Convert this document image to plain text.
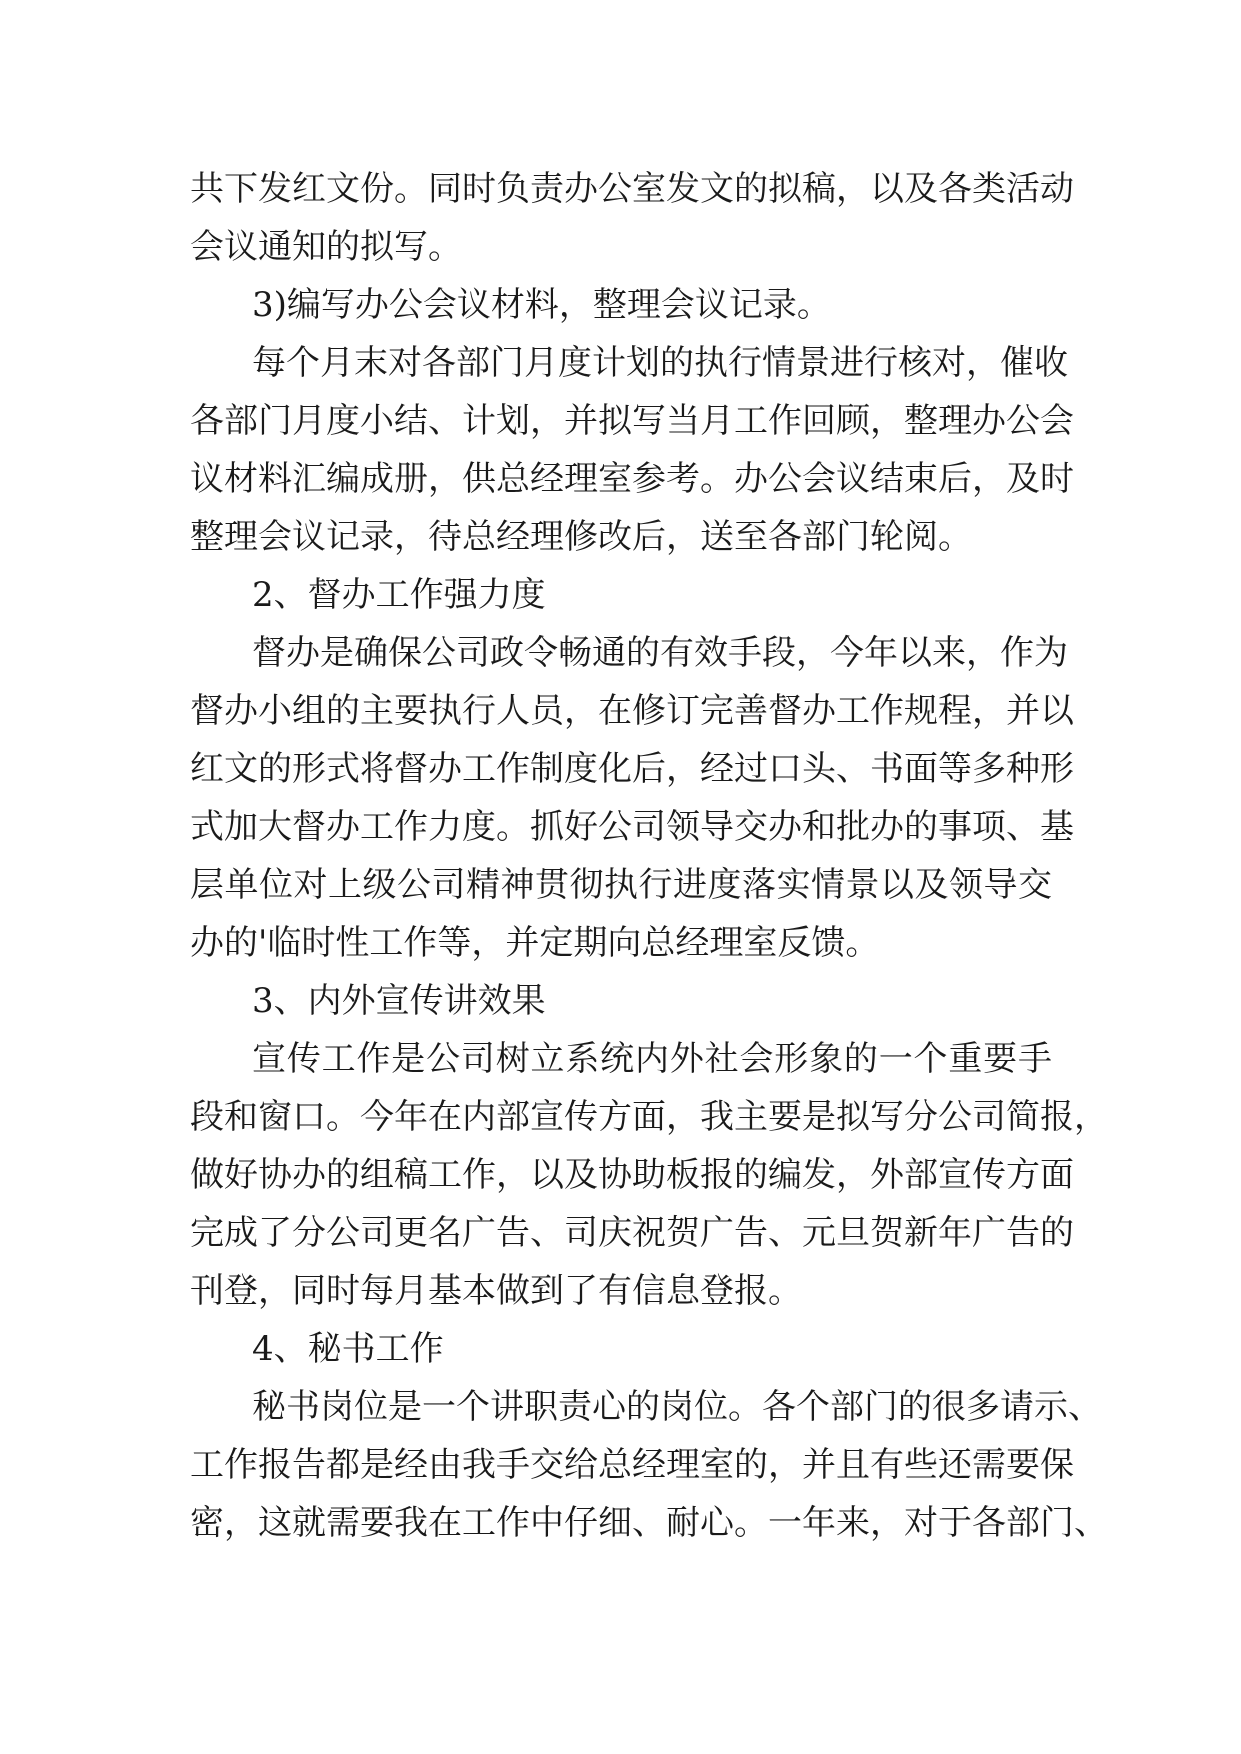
共下发红文份。同时负责办公室发文的拟稿，以及各类活动
会议通知的拟写。
3)编写办公会议材料，整理会议记录。
每个月末对各部门月度计划的执行情景进行核对，催收
各部门月度小结、计划，并拟写当月工作回顾，整理办公会
议材料汇编成册，供总经理室参考。办公会议结束后，及时
整理会议记录，待总经理修改后，送至各部门轮阅。
2、督办工作强力度
督办是确保公司政令畅通的有效手段，今年以来，作为
督办小组的主要执行人员，在修订完善督办工作规程，并以
红文的形式将督办工作制度化后，经过口头、书面等多种形
式加大督办工作力度。抓好公司领导交办和批办的事项、基
层单位对上级公司精神贯彻执行进度落实情景以及领导交
办的'临时性工作等，并定期向总经理室反馈。
3、内外宣传讲效果
宣传工作是公司树立系统内外社会形象的一个重要手
段和窗口。今年在内部宣传方面，我主要是拟写分公司简报，
做好协办的组稿工作，以及协助板报的编发，外部宣传方面
完成了分公司更名广告、司庆祝贺广告、元旦贺新年广告的
刊登，同时每月基本做到了有信息登报。
4、秘书工作
秘书岗位是一个讲职责心的岗位。各个部门的很多请示、
工作报告都是经由我手交给总经理室的，并且有些还需要保
密，这就需要我在工作中仔细、耐心。一年来，对于各部门、
